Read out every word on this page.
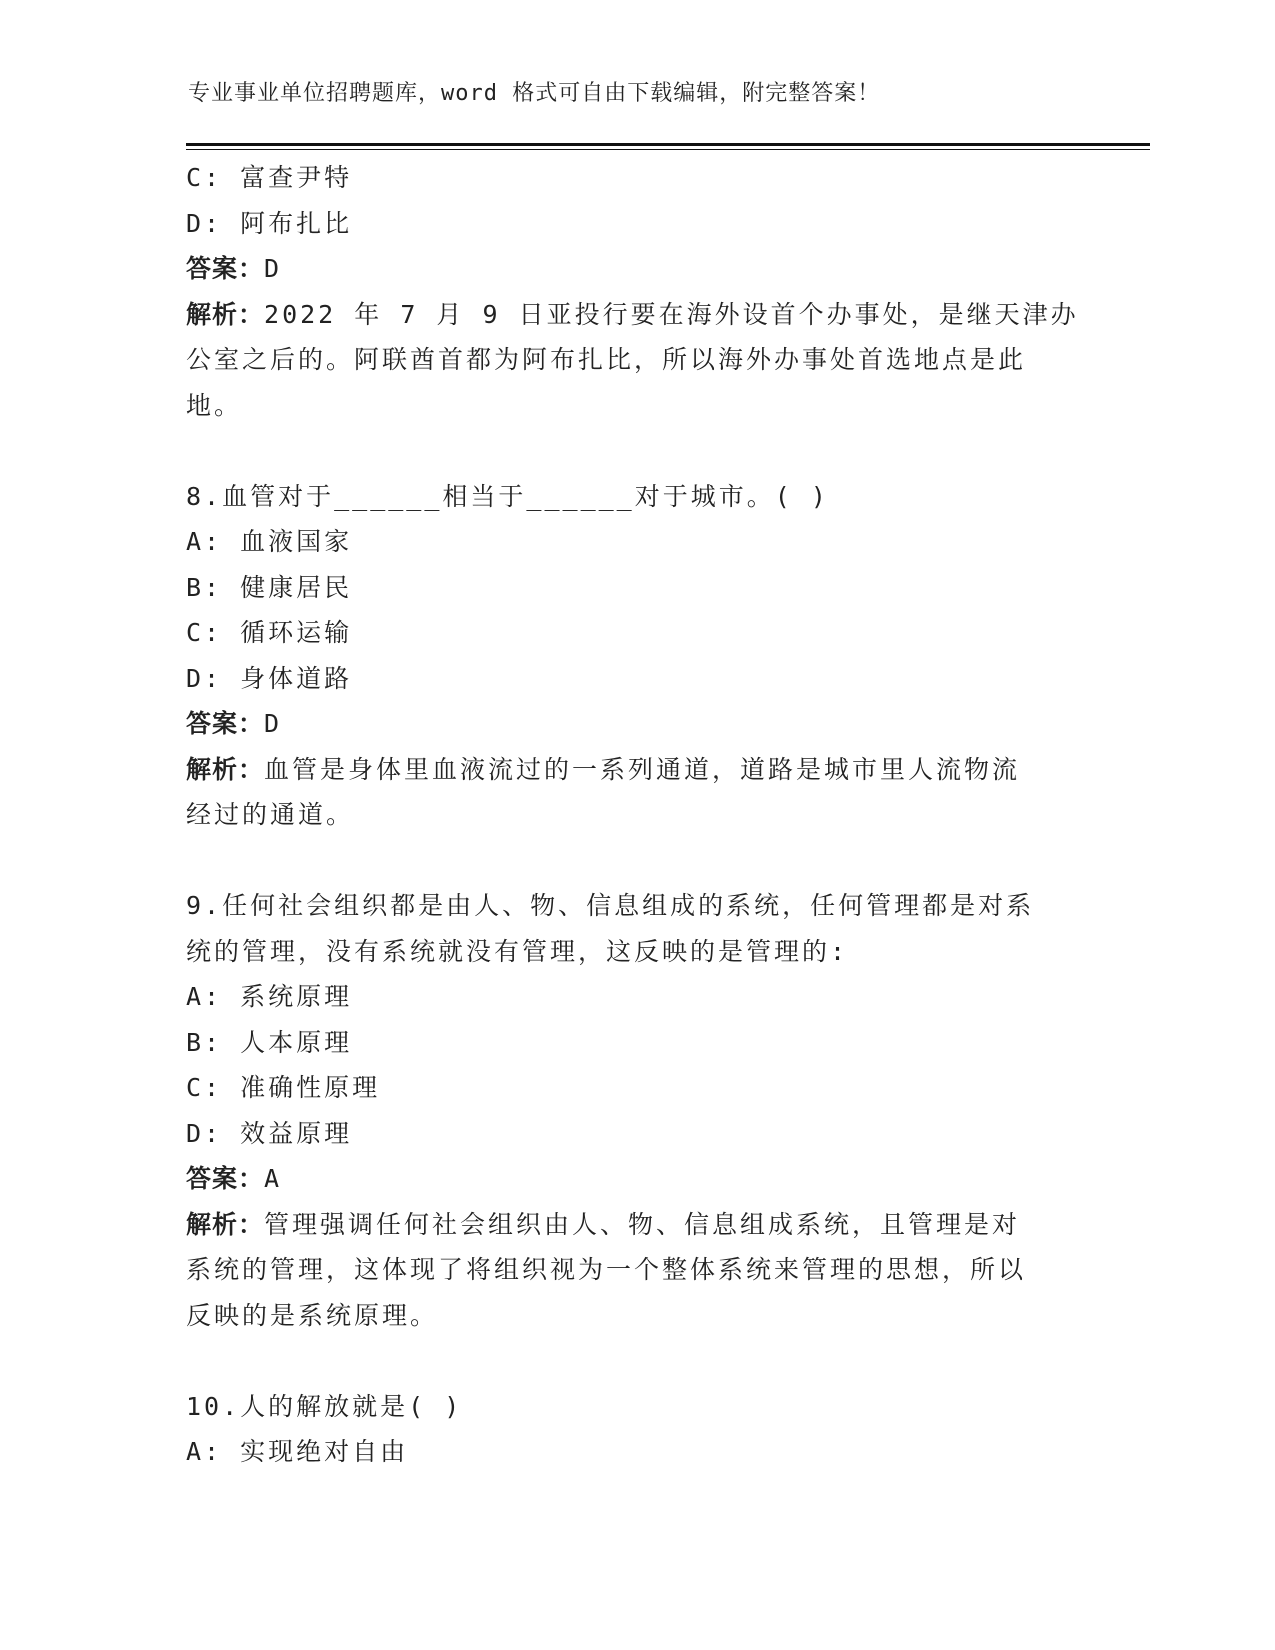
专业事业单位招聘题库，word 格式可自由下载编辑，附完整答案！
C: 富查尹特
D: 阿布扎比
答案：D
解析：2022 年 7 月 9 日亚投行要在海外设首个办事处，是继天津办
公室之后的。阿联酋首都为阿布扎比，所以海外办事处首选地点是此
地。
8.血管对于______相当于______对于城市。( )
A: 血液国家
B: 健康居民
C: 循环运输
D: 身体道路
答案：D
解析：血管是身体里血液流过的一系列通道，道路是城市里人流物流
经过的通道。
9.任何社会组织都是由人、物、信息组成的系统，任何管理都是对系
统的管理，没有系统就没有管理，这反映的是管理的:
A: 系统原理
B: 人本原理
C: 准确性原理
D: 效益原理
答案：A
解析：管理强调任何社会组织由人、物、信息组成系统，且管理是对
系统的管理，这体现了将组织视为一个整体系统来管理的思想，所以
反映的是系统原理。
10.人的解放就是( )
A: 实现绝对自由
